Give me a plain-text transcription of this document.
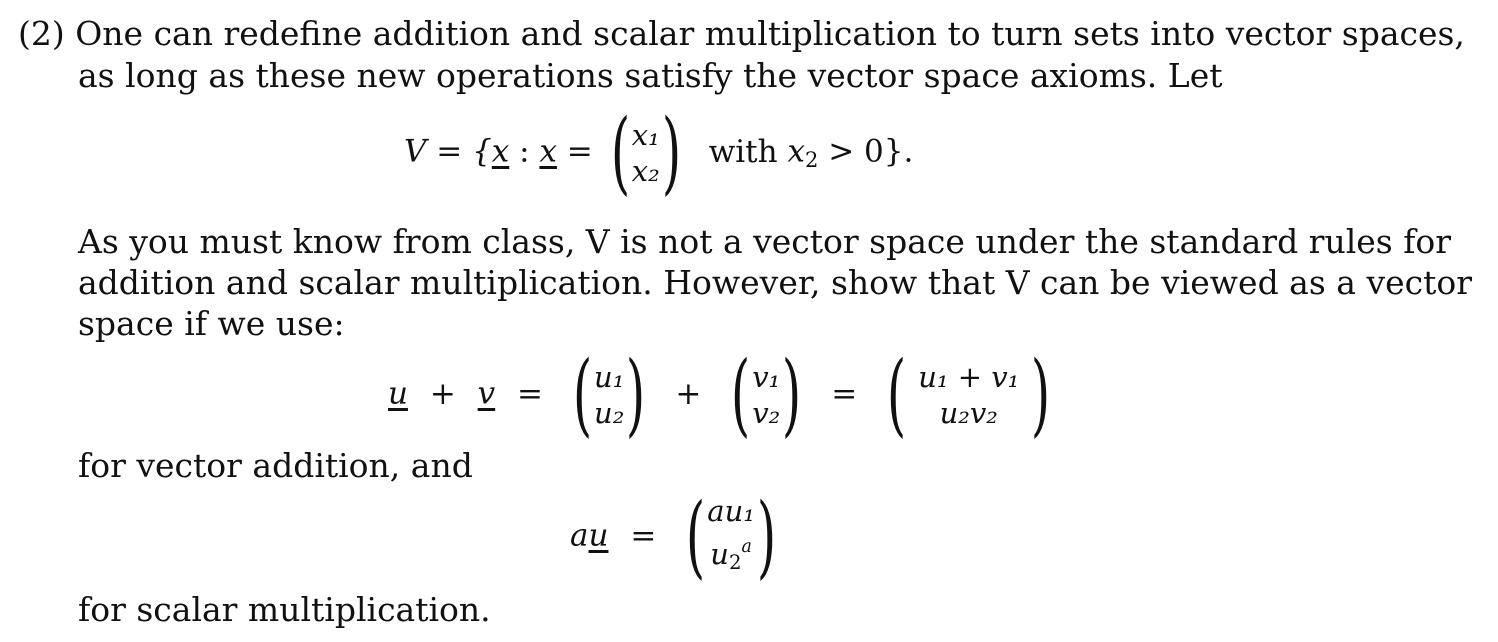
(2) One can redefine addition and scalar multiplication to turn sets into vector spaces,
as long as these new operations satisfy the vector space axioms. Let
V = {x : x = ( x₁
x₂ ) with $x_2 > 0$}.
As you must know from class, V is not a vector space under the standard rules for
addition and scalar multiplication. However, show that V can be viewed as a vector
space if we use:
u + v = ( u₁
u₂ ) + ( v₁
v₂ ) = ( u₁ + v₁
u₂v₂ )
for vector addition, and
au = ( au₁
$u_2^a$ )
for scalar multiplication.
